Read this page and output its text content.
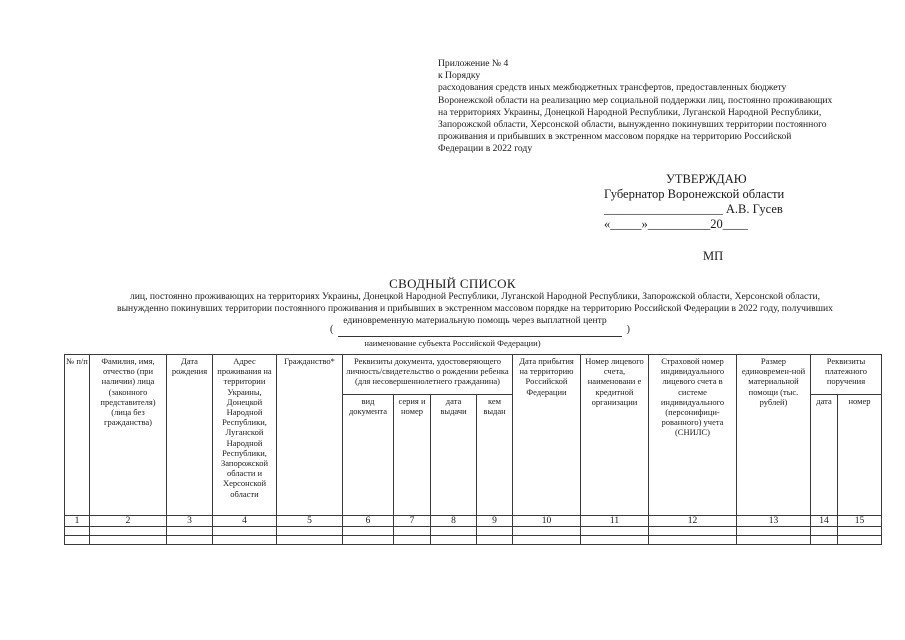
Приложение № 4
к Порядку
расходования средств иных межбюджетных трансфертов, предоставленных бюджету
Воронежской области на реализацию мер социальной поддержки лиц, постоянно проживающих
на территориях Украины, Донецкой Народной Республики, Луганской Народной Республики,
Запорожской области, Херсонской области, вынужденно покинувших территории постоянного
проживания и прибывших в экстренном массовом порядке на территорию Российской
Федерации в 2022 году
УТВЕРЖДАЮ
Губернатор Воронежской области
___________________ А.В. Гусев
«_____»__________20____
МП
СВОДНЫЙ СПИСОК
лиц, постоянно проживающих на территориях Украины, Донецкой Народной Республики, Луганской Народной Республики, Запорожской области, Херсонской области,
вынужденно покинувших территории постоянного проживания и прибывших в экстренном массовом порядке на территорию Российской Федерации в 2022 году, получивших
единовременную материальную помощь через выплатной центр
(	)
наименование субъекта Российской Федерации)
№ п/п	Фамилия, имя, отчество (при наличии) лица (законного представителя) (лица без гражданства)	Дата рождения	Адрес проживания на территории Украины, Донецкой Народной Республики, Луганской Народной Республики, Запорожской области и Херсонской области	Гражданство*	Реквизиты документа, удостоверяющего личность/свидетельство о рождении ребенка (для несовершеннолетнего гражданина)				Дата прибытия на территорию Российской Федерации	Номер лицевого счета, наименовани е кредитной организации	Страховой номер индивидуального лицевого счета в системе индивидуального (персонифици-рованного) учета (СНИЛС)	Размер единовремен-ной материальной помощи (тыс. рублей)	Реквизиты платежного поручения	
					вид документа	серия и номер	дата выдачи	кем выдан					дата	номер
1	2	3	4	5	6	7	8	9	10	11	12	13	14	15
